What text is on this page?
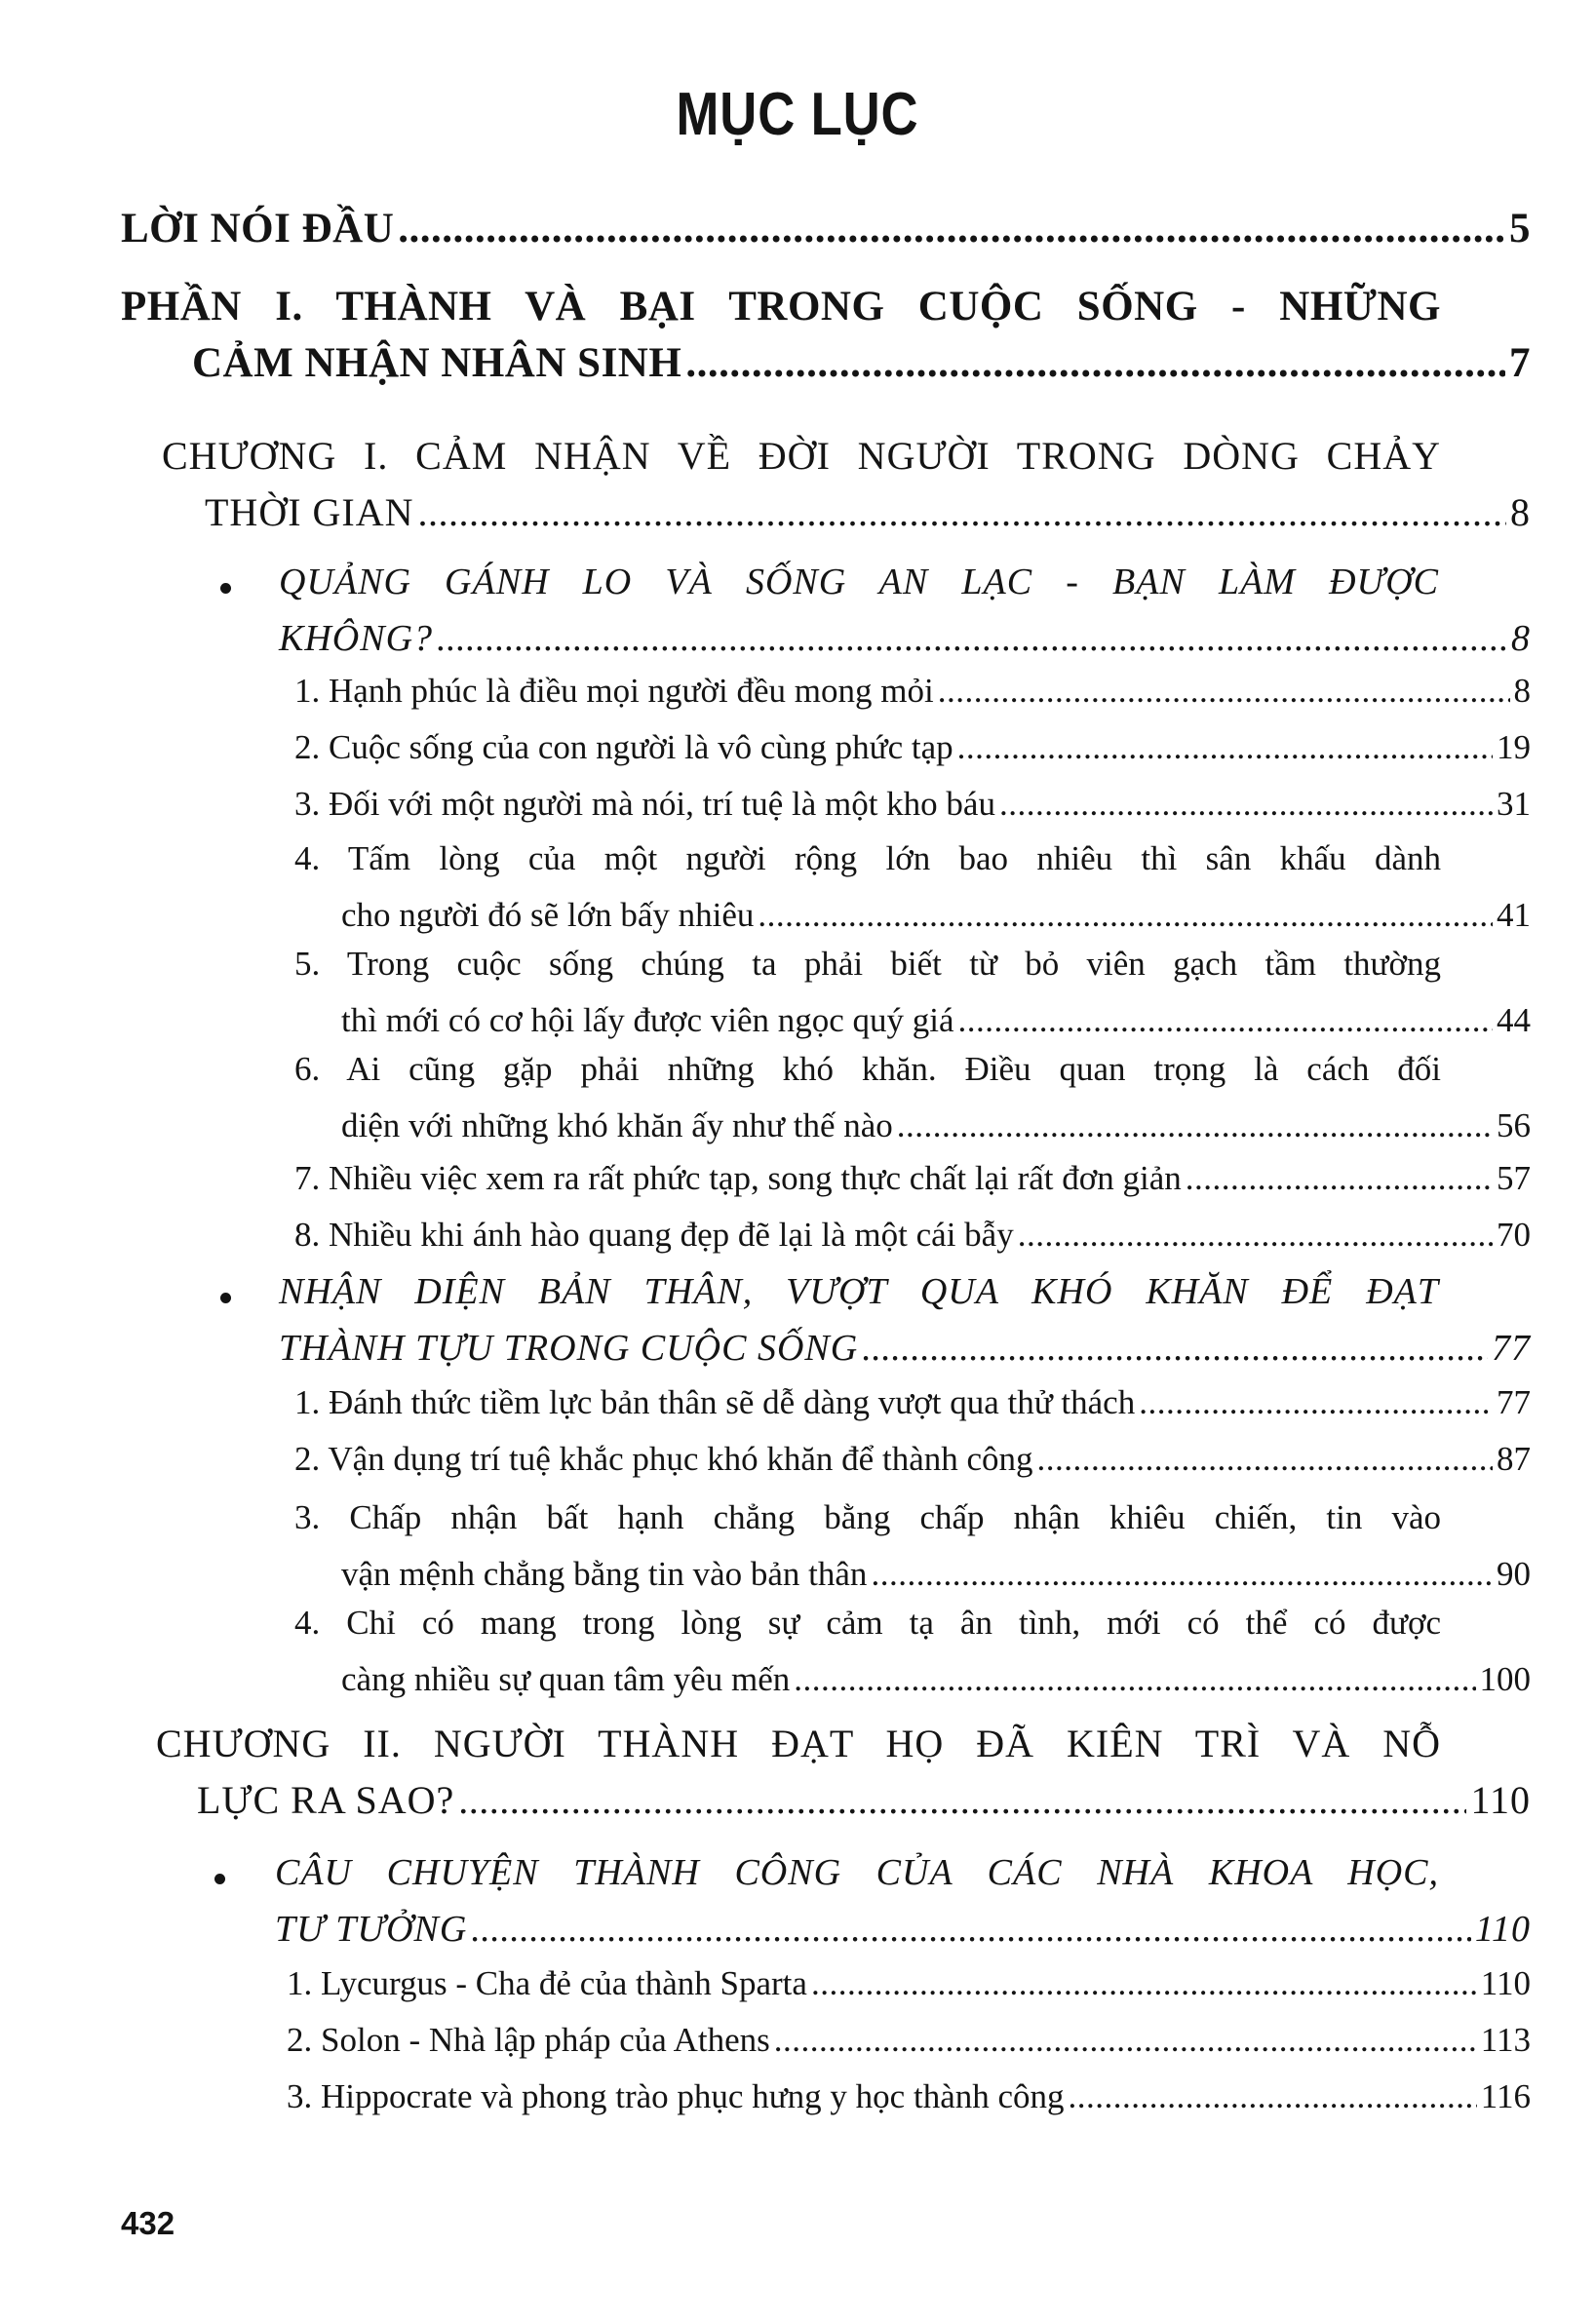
MỤC LỤC
LỜI NÓI ĐẦU .....	5
PHẦN I. THÀNH VÀ BẠI TRONG CUỘC SỐNG - NHỮNG
CẢM NHẬN NHÂN SINH .....	7
CHƯƠNG I. CẢM NHẬN VỀ ĐỜI NGƯỜI TRONG DÒNG CHẢY
THỜI GIAN .....	8
QUẢNG GÁNH LO VÀ SỐNG AN LẠC - BẠN LÀM ĐƯỢC
KHÔNG? .....	8
1. Hạnh phúc là điều mọi người đều mong mỏi .....	8
2. Cuộc sống của con người là vô cùng phức tạp .....	19
3. Đối với một người mà nói, trí tuệ là một kho báu .....	31
4. Tấm lòng của một người rộng lớn bao nhiêu thì sân khấu dành
cho người đó sẽ lớn bấy nhiêu .....	41
5. Trong cuộc sống chúng ta phải biết từ bỏ viên gạch tầm thường
thì mới có cơ hội lấy được viên ngọc quý giá .....	44
6. Ai cũng gặp phải những khó khăn. Điều quan trọng là cách đối
diện với những khó khăn ấy như thế nào .....	56
7. Nhiều việc xem ra rất phức tạp, song thực chất lại rất đơn giản .....	57
8. Nhiều khi ánh hào quang đẹp đẽ lại là một cái bẫy .....	70
NHẬN DIỆN BẢN THÂN, VƯỢT QUA KHÓ KHĂN ĐỂ ĐẠT
THÀNH TỰU TRONG CUỘC SỐNG .....	77
1. Đánh thức tiềm lực bản thân sẽ dễ dàng vượt qua thử thách .....	77
2. Vận dụng trí tuệ khắc phục khó khăn để thành công .....	87
3. Chấp nhận bất hạnh chẳng bằng chấp nhận khiêu chiến, tin vào
vận mệnh chẳng bằng tin vào bản thân .....	90
4. Chỉ có mang trong lòng sự cảm tạ ân tình, mới có thể có được
càng nhiều sự quan tâm yêu mến .....	100
CHƯƠNG II. NGƯỜI THÀNH ĐẠT HỌ ĐÃ KIÊN TRÌ VÀ NỖ
LỰC RA SAO? .....	110
CÂU CHUYỆN THÀNH CÔNG CỦA CÁC NHÀ KHOA HỌC,
TƯ TƯỞNG .....	110
1. Lycurgus - Cha đẻ của thành Sparta .....	110
2. Solon - Nhà lập pháp của Athens .....	113
3. Hippocrate và phong trào phục hưng y học thành công .....	116
432
